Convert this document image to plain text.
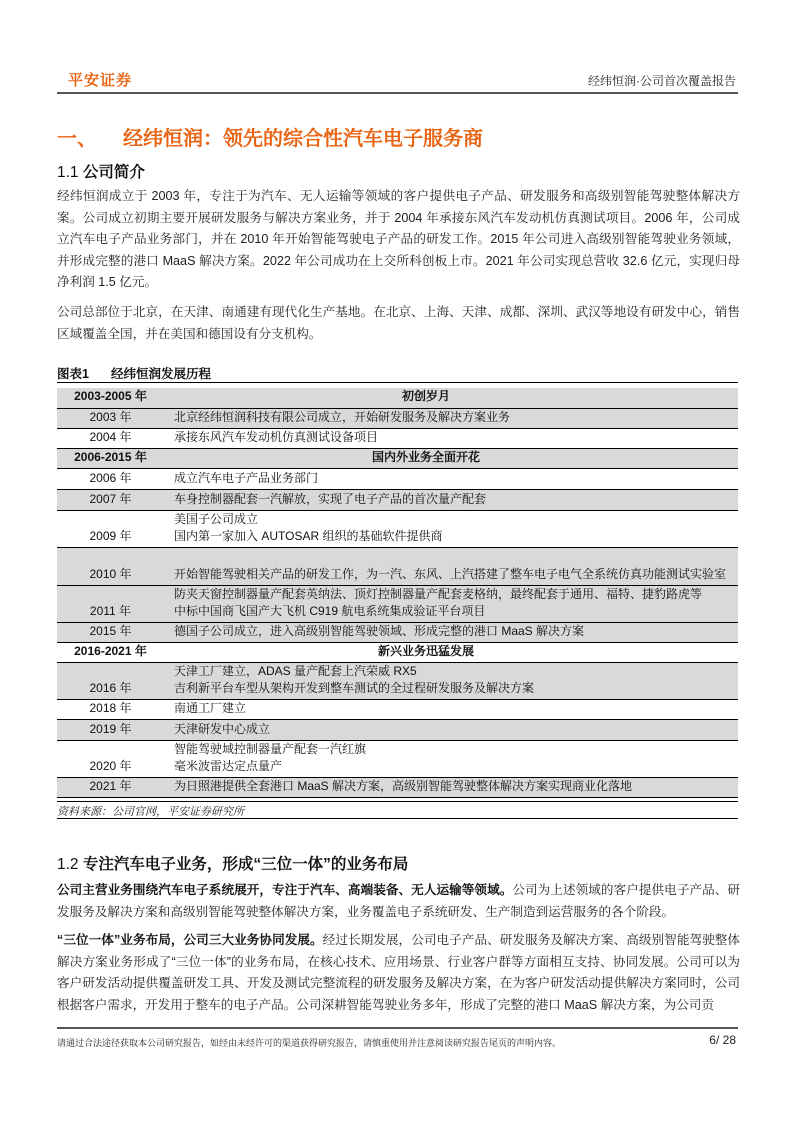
平安证券	经纬恒润·公司首次覆盖报告
一、 经纬恒润：领先的综合性汽车电子服务商
1.1 公司简介
经纬恒润成立于 2003 年，专注于为汽车、无人运输等领域的客户提供电子产品、研发服务和高级别智能驾驶整体解决方案。公司成立初期主要开展研发服务与解决方案业务，并于 2004 年承接东风汽车发动机仿真测试项目。2006 年，公司成立汽车电子产品业务部门，并在 2010 年开始智能驾驶电子产品的研发工作。2015 年公司进入高级别智能驾驶业务领域，并形成完整的港口 MaaS 解决方案。2022 年公司成功在上交所科创板上市。2021 年公司实现总营收 32.6 亿元，实现归母净利润 1.5 亿元。
公司总部位于北京，在天津、南通建有现代化生产基地。在北京、上海、天津、成都、深圳、武汉等地设有研发中心，销售区域覆盖全国，并在美国和德国设有分支机构。
图表1 经纬恒润发展历程
2003-2005 年	初创岁月
2003 年	北京经纬恒润科技有限公司成立，开始研发服务及解决方案业务
2004 年	承接东风汽车发动机仿真测试设备项目
2006-2015 年	国内外业务全面开花
2006 年	成立汽车电子产品业务部门
2007 年	车身控制器配套一汽解放，实现了电子产品的首次量产配套
2009 年	美国子公司成立
国内第一家加入 AUTOSAR 组织的基础软件提供商
2010 年	开始智能驾驶相关产品的研发工作，为一汽、东风、上汽搭建了整车电子电气全系统仿真功能测试实验室
2011 年	防夹天窗控制器量产配套英纳法、顶灯控制器量产配套麦格纳，最终配套于通用、福特、捷豹路虎等
中标中国商飞国产大飞机 C919 航电系统集成验证平台项目
2015 年	德国子公司成立，进入高级别智能驾驶领域、形成完整的港口 MaaS 解决方案
2016-2021 年	新兴业务迅猛发展
2016 年	天津工厂建立，ADAS 量产配套上汽荣威 RX5
吉利新平台车型从架构开发到整车测试的全过程研发服务及解决方案
2018 年	南通工厂建立
2019 年	天津研发中心成立
2020 年	智能驾驶域控制器量产配套一汽红旗
毫米波雷达定点量产
2021 年	为日照港提供全套港口 MaaS 解决方案，高级别智能驾驶整体解决方案实现商业化落地
资料来源：公司官网，平安证券研究所
1.2 专注汽车电子业务，形成“三位一体”的业务布局
公司主营业务围绕汽车电子系统展开，专注于汽车、高端装备、无人运输等领域。公司为上述领域的客户提供电子产品、研发服务及解决方案和高级别智能驾驶整体解决方案，业务覆盖电子系统研发、生产制造到运营服务的各个阶段。
“三位一体”业务布局，公司三大业务协同发展。经过长期发展，公司电子产品、研发服务及解决方案、高级别智能驾驶整体解决方案业务形成了“三位一体”的业务布局，在核心技术、应用场景、行业客户群等方面相互支持、协同发展。公司可以为客户研发活动提供覆盖研发工具、开发及测试完整流程的研发服务及解决方案，在为客户研发活动提供解决方案同时，公司根据客户需求，开发用于整车的电子产品。公司深耕智能驾驶业务多年，形成了完整的港口 MaaS 解决方案，为公司贡
请通过合法途径获取本公司研究报告，如经由未经许可的渠道获得研究报告，请慎重使用并注意阅读研究报告尾页的声明内容。	6/ 28
